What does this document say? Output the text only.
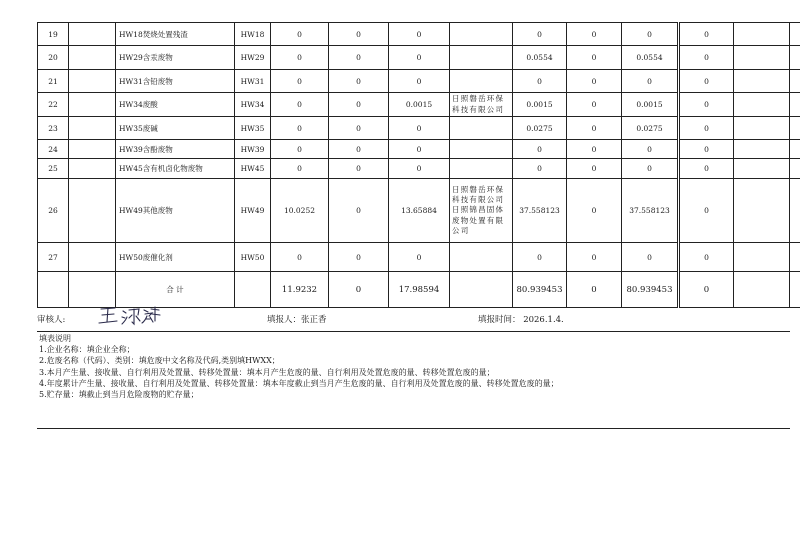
19		HW18焚烧处置残渣	HW18	0	0	0		0	0	0	0		
20		HW29含汞废物	HW29	0	0	0		0.0554	0	0.0554	0		
21		HW31含铅废物	HW31	0	0	0		0	0	0	0		
22		HW34废酸	HW34	0	0	0.0015	日照磐岳环保科技有限公司	0.0015	0	0.0015	0		
23		HW35废碱	HW35	0	0	0		0.0275	0	0.0275	0		
24		HW39含酚废物	HW39	0	0	0		0	0	0	0		
25		HW45含有机卤化物废物	HW45	0	0	0		0	0	0	0		
26		HW49其他废物	HW49	10.0252	0	13.65884	日照磐岳环保科技有限公司日照锦昌固体废物处置有限公司	37.558123	0	37.558123	0		
27		HW50废催化剂	HW50	0	0	0		0	0	0	0		
		合 计		11.9232	0	17.98594		80.939453	0	80.939453	0		
审核人:	填报人：张正香	填报时间： 2026.1.4.
填表说明
1.企业名称：填企业全称；
2.危废名称（代码）、类别：填危废中文名称及代码,类别填HWXX；
3.本月产生量、接收量、自行利用及处置量、转移处置量：填本月产生危废的量、自行利用及处置危废的量、转移处置危废的量；
4.年度累计产生量、接收量、自行利用及处置量、转移处置量：填本年度截止到当月产生危废的量、自行利用及处置危废的量、转移处置危废的量；
5.贮存量：填截止到当月危险废物的贮存量；
